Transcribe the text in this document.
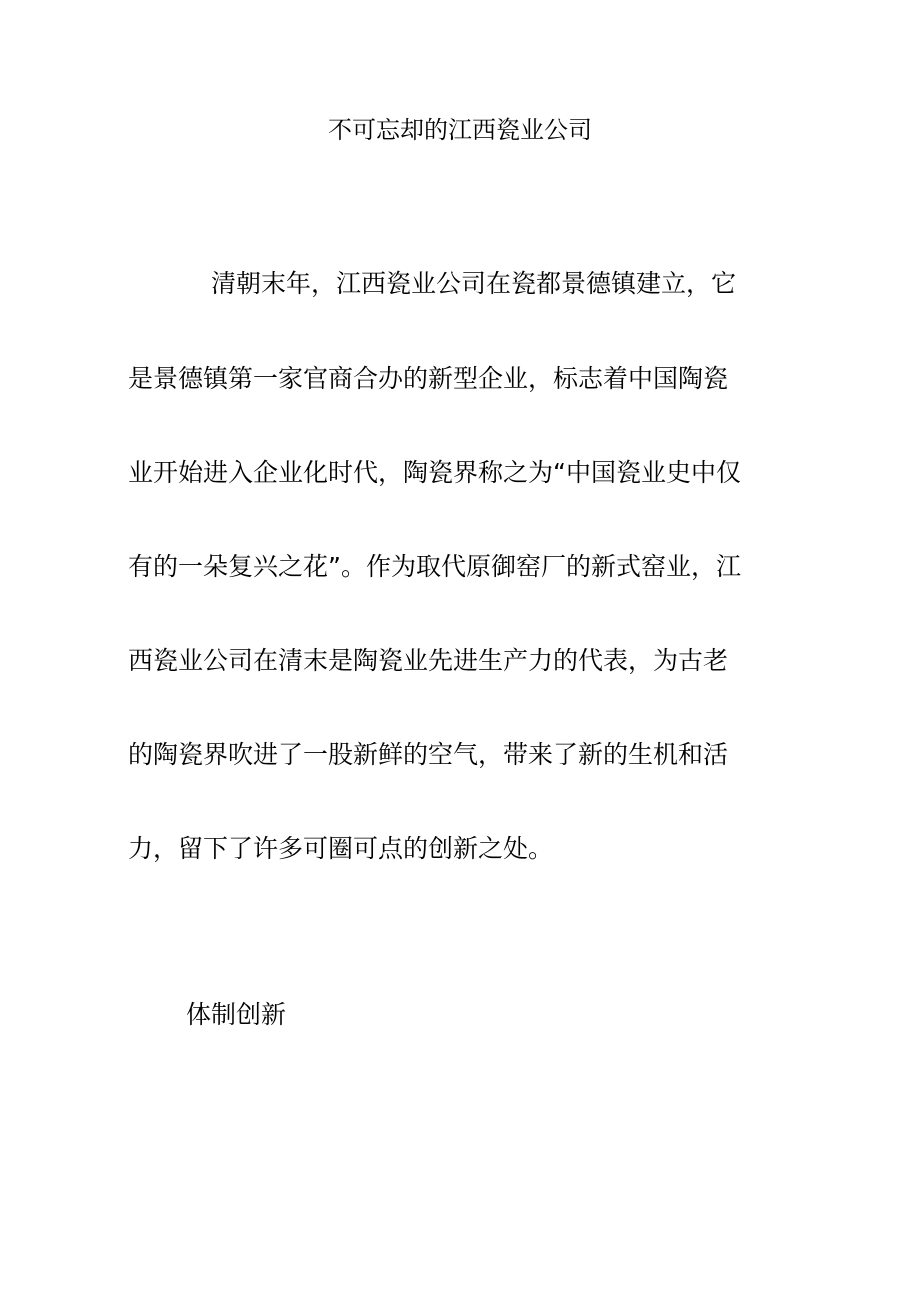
不可忘却的江西瓷业公司
清朝末年，江西瓷业公司在瓷都景德镇建立，它
是景德镇第一家官商合办的新型企业，标志着中国陶瓷
业开始进入企业化时代，陶瓷界称之为“中国瓷业史中仅
有的一朵复兴之花”。作为取代原御窑厂的新式窑业，江
西瓷业公司在清末是陶瓷业先进生产力的代表，为古老
的陶瓷界吹进了一股新鲜的空气，带来了新的生机和活
力，留下了许多可圈可点的创新之处。
体制创新
